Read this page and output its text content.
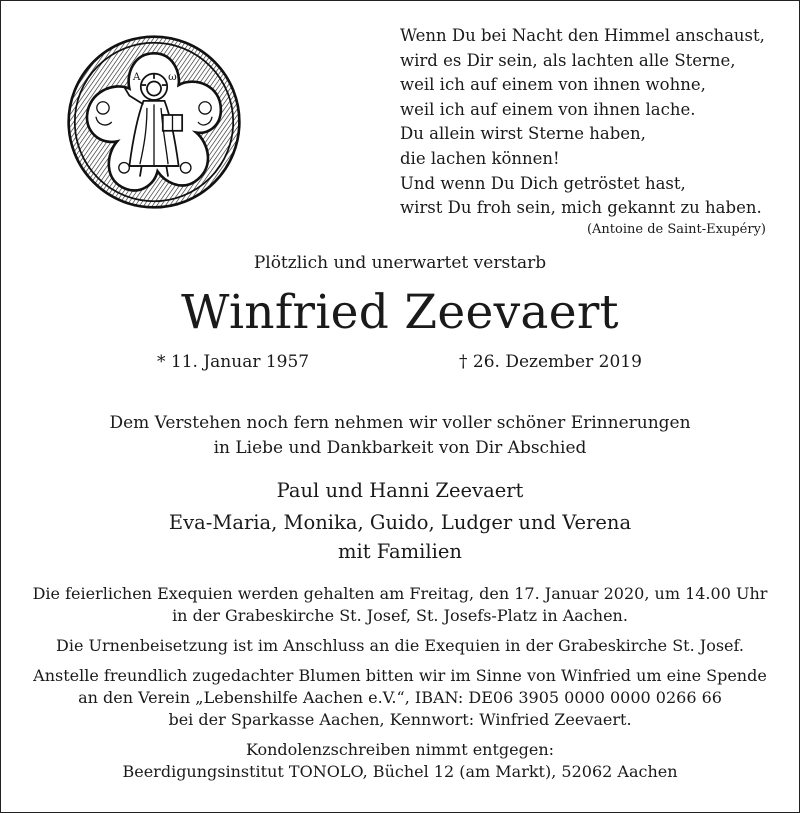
A ω
Wenn Du bei Nacht den Himmel anschaust,
wird es Dir sein, als lachten alle Sterne,
weil ich auf einem von ihnen wohne,
weil ich auf einem von ihnen lache.
Du allein wirst Sterne haben,
die lachen können!
Und wenn Du Dich getröstet hast,
wirst Du froh sein, mich gekannt zu haben.
(Antoine de Saint-Exupéry)
Plötzlich und unerwartet verstarb
Winfried Zeevaert
* 11. Januar 1957	† 26. Dezember 2019
Dem Verstehen noch fern nehmen wir voller schöner Erinnerungen
in Liebe und Dankbarkeit von Dir Abschied
Paul und Hanni Zeevaert
Eva-Maria, Monika, Guido, Ludger und Verena
mit Familien
Die feierlichen Exequien werden gehalten am Freitag, den 17. Januar 2020, um 14.00 Uhr
in der Grabeskirche St. Josef, St. Josefs-Platz in Aachen.
Die Urnenbeisetzung ist im Anschluss an die Exequien in der Grabeskirche St. Josef.
Anstelle freundlich zugedachter Blumen bitten wir im Sinne von Winfried um eine Spende
an den Verein „Lebenshilfe Aachen e.V.“, IBAN: DE06 3905 0000 0000 0266 66
bei der Sparkasse Aachen, Kennwort: Winfried Zeevaert.
Kondolenzschreiben nimmt entgegen:
Beerdigungsinstitut TONOLO, Büchel 12 (am Markt), 52062 Aachen
